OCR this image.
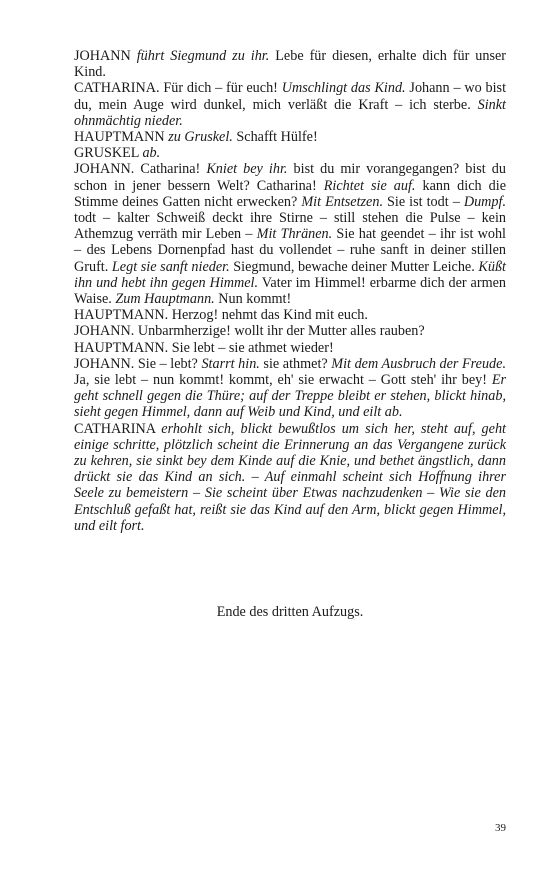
JOHANN führt Siegmund zu ihr. Lebe für diesen, erhalte dich für unser Kind.

CATHARINA. Für dich – für euch! Umschlingt das Kind. Johann – wo bist du, mein Auge wird dunkel, mich verläßt die Kraft – ich sterbe. Sinkt ohnmächtig nieder.

HAUPTMANN zu Gruskel. Schafft Hülfe!

GRUSKEL ab.

JOHANN. Catharina! Kniet bey ihr. bist du mir vorangegangen? bist du schon in jener bessern Welt? Catharina! Richtet sie auf. kann dich die Stimme deines Gatten nicht erwecken? Mit Entsetzen. Sie ist todt – Dumpf. todt – kalter Schweiß deckt ihre Stirne – still stehen die Pulse – kein Athemzug verräth mir Leben – Mit Thränen. Sie hat geendet – ihr ist wohl – des Lebens Dornenpfad hast du vollendet – ruhe sanft in deiner stillen Gruft. Legt sie sanft nieder. Siegmund, bewache deiner Mutter Leiche. Küßt ihn und hebt ihn gegen Himmel. Vater im Himmel! erbarme dich der armen Waise. Zum Hauptmann. Nun kommt!

HAUPTMANN. Herzog! nehmt das Kind mit euch.

JOHANN. Unbarmherzige! wollt ihr der Mutter alles rauben?

HAUPTMANN. Sie lebt – sie athmet wieder!

JOHANN. Sie – lebt? Starrt hin. sie athmet? Mit dem Ausbruch der Freude. Ja, sie lebt – nun kommt! kommt, eh' sie erwacht – Gott steh' ihr bey! Er geht schnell gegen die Thüre; auf der Treppe bleibt er stehen, blickt hinab, sieht gegen Himmel, dann auf Weib und Kind, und eilt ab.

CATHARINA erhohlt sich, blickt bewußtlos um sich her, steht auf, geht einige schritte, plötzlich scheint die Erinnerung an das Vergangene zurück zu kehren, sie sinkt bey dem Kinde auf die Knie, und bethet ängstlich, dann drückt sie das Kind an sich. – Auf einmahl scheint sich Hoffnung ihrer Seele zu bemeistern – Sie scheint über Etwas nachzudenken – Wie sie den Entschluß gefaßt hat, reißt sie das Kind auf den Arm, blickt gegen Himmel, und eilt fort.

Ende des dritten Aufzugs.
39
